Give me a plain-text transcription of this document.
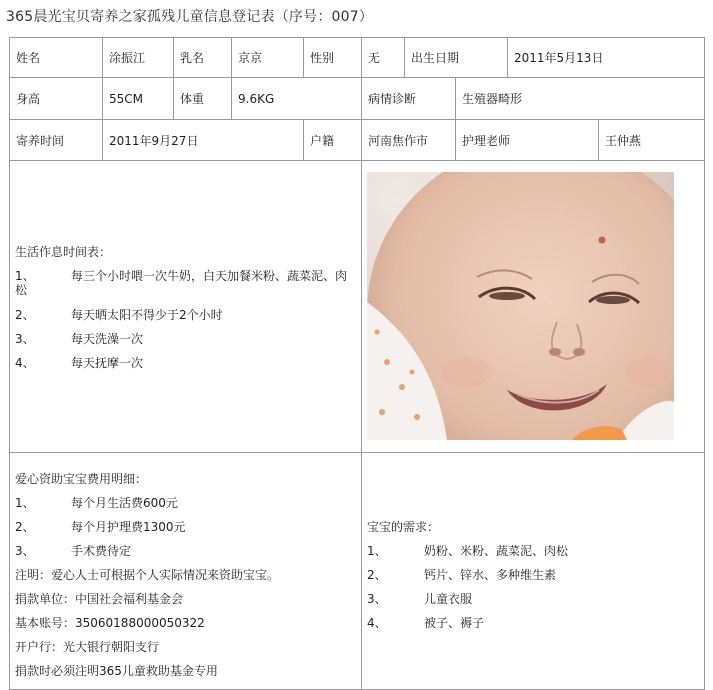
365晨光宝贝寄养之家孤残儿童信息登记表（序号：007）
姓名	涂振江	乳名	京京	性别	无	出生日期	2011年5月13日
身高	55CM	体重	9.6KG	病情诊断	生殖器畸形
寄养时间	2011年9月27日	户籍	河南焦作市	护理老师	王仲燕
生活作息时间表：
1、	每三个小时喂一次牛奶，白天加餐米粉、蔬菜泥、肉
松
2、	每天晒太阳不得少于2个小时
3、	每天洗澡一次
4、	每天抚摩一次
爱心资助宝宝费用明细：
1、	每个月生活费600元
2、	每个月护理费1300元
3、	手术费待定
注明：爱心人士可根据个人实际情况来资助宝宝。
捐款单位：中国社会福利基金会
基本账号：35060188000050322
开户行：光大银行朝阳支行
捐款时必须注明365儿童救助基金专用
宝宝的需求：
1、	奶粉、米粉、蔬菜泥、肉松
2、	钙片、锌水、多种维生素
3、	儿童衣服
4、	被子、褥子
